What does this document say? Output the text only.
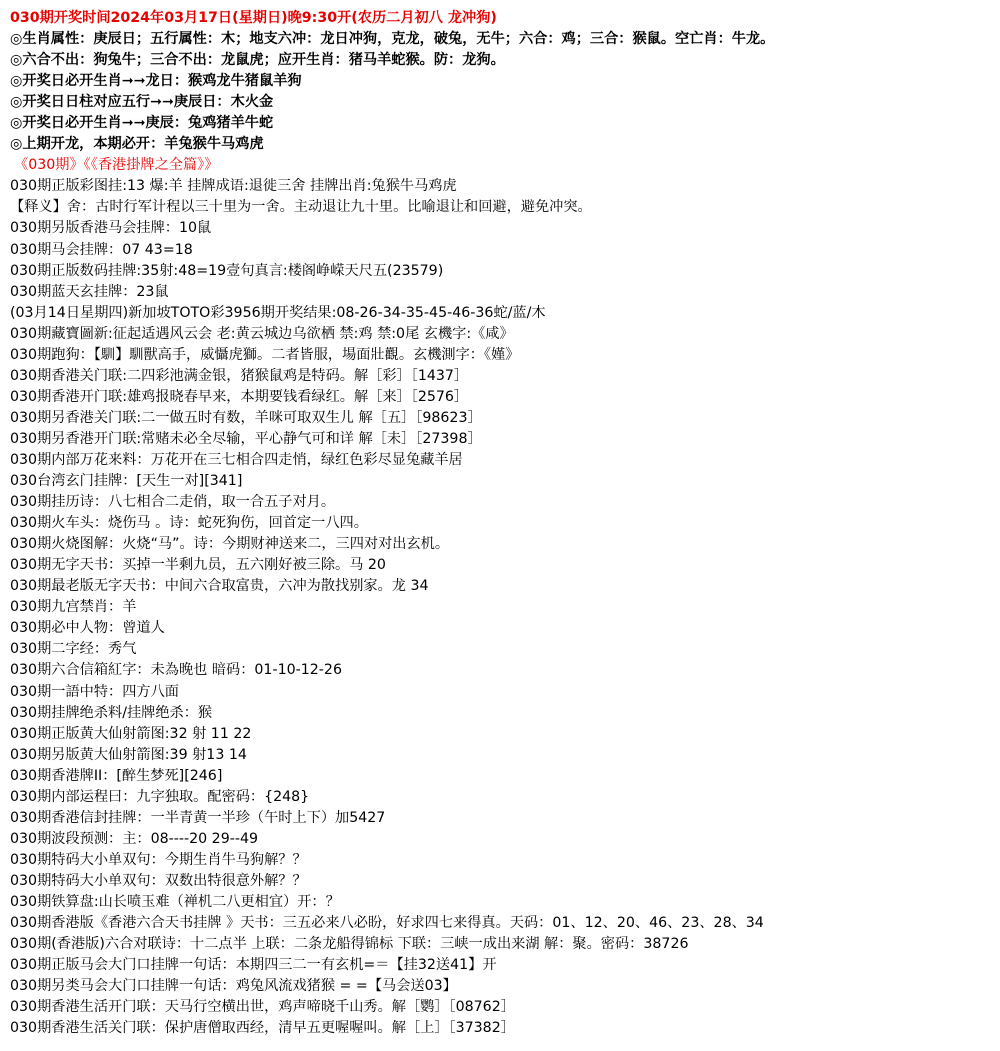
030期开奖时间2024年03月17日(星期日)晚9:30开(农历二月初八 龙冲狗)
◎生肖属性：庚辰日；五行属性：木；地支六冲：龙日冲狗，克龙，破兔，无牛；六合：鸡；三合：猴鼠。空亡肖：牛龙。
◎六合不出：狗兔牛；三合不出：龙鼠虎；应开生肖：猪马羊蛇猴。防：龙狗。
◎开奖日必开生肖➞➞龙日：猴鸡龙牛猪鼠羊狗
◎开奖日日柱对应五行➞➞庚辰日：木火金
◎开奖日必开生肖➞➞庚辰：兔鸡猪羊牛蛇
◎上期开龙，本期必开：羊兔猴牛马鸡虎
《030期》《《香港掛牌之全篇》》
030期正版彩图挂:13 爆:羊 挂牌成语:退徙三舍 挂牌出肖:兔猴牛马鸡虎
【释义】舍：古时行军计程以三十里为一舍。主动退让九十里。比喻退让和回避，避免冲突。
030期另版香港马会挂牌：10鼠
030期马会挂牌：07 43=18
030期正版数码挂牌:35射:48=19壹句真言:楼阁峥嵘天尺五(23579)
030期蓝天玄挂牌：23鼠
(03月14日星期四)新加坡TOTO彩3956期开奖结果:08-26-34-35-45-46-36蛇/蓝/木
030期藏寶圖新:征起适遇风云会 老:黄云城边乌欲栖 禁:鸡 禁:0尾 玄機字:《咸》
030期跑狗：【馴】馴獸高手，威懾虎獅。二者皆服，場面壯觀。玄機測字：《嫤》
030期香港关门联:二四彩池满金银，猪猴鼠鸡是特码。解［彩］［1437］
030期香港开门联:雄鸡报晓春早来，本期要钱看绿红。解［来］［2576］
030期另香港关门联:二一做五时有数，羊咪可取双生儿 解［五］［98623］
030期另香港开门联:常赌未必全尽输，平心静气可和详 解［未］［27398］
030期内部万花来料：万花开在三七相合四走悄，绿红色彩尽显兔藏羊居
030台湾玄门挂牌：[天生一对][341]
030期挂历诗：八七相合二走俏，取一合五子对月。
030期火车头：烧伤马 。诗：蛇死狗伤，回首定一八四。
030期火烧图解：火烧“马”。诗：今期财神送来二，三四对对出玄机。
030期无字天书：买掉一半剩九员，五六刚好被三除。马 20
030期最老版无字天书：中间六合取富贵，六冲为散找别家。龙 34
030期九宫禁肖：羊
030期必中人物：曾道人
030期二字经：秀气
030期六合信箱紅字：未為晚也 暗码：01-10-12-26
030期一語中特：四方八面
030期挂牌绝杀料/挂牌绝杀：猴
030期正版黄大仙射箭图:32 射 11 22
030期另版黄大仙射箭图:39 射13 14
030期香港牌II：[醉生梦死][246]
030期内部运程曰：九字独取。配密码：{248}
030期香港信封挂牌：一半青黄一半珍（午时上下）加5427
030期波段预测：主：08----20 29--49
030期特码大小单双句：今期生肖牛马狗解？？
030期特码大小单双句：双数出特很意外解？？
030期铁算盘:山长喷玉难（禅机二八更相宜）开：？
030期香港版《香港六合天书挂牌 》天书：三五必来八必盼，好求四七来得真。天码：01、12、20、46、23、28、34
030期(香港版)六合对联诗：十二点半 上联：二条龙船得锦标 下联：三峡一成出来湖 解：聚。密码：38726
030期正版马会大门口挂牌一句话：本期四三二一有玄机=＝【挂32送41】开
030期另类马会大门口挂牌一句话：鸡兔风流戏猪猴 = =【马会送03】
030期香港生活开门联：天马行空横出世，鸡声啼晓千山秀。解［鹦］［08762］
030期香港生活关门联：保护唐僧取西经，清早五更喔喔叫。解［上］［37382］
